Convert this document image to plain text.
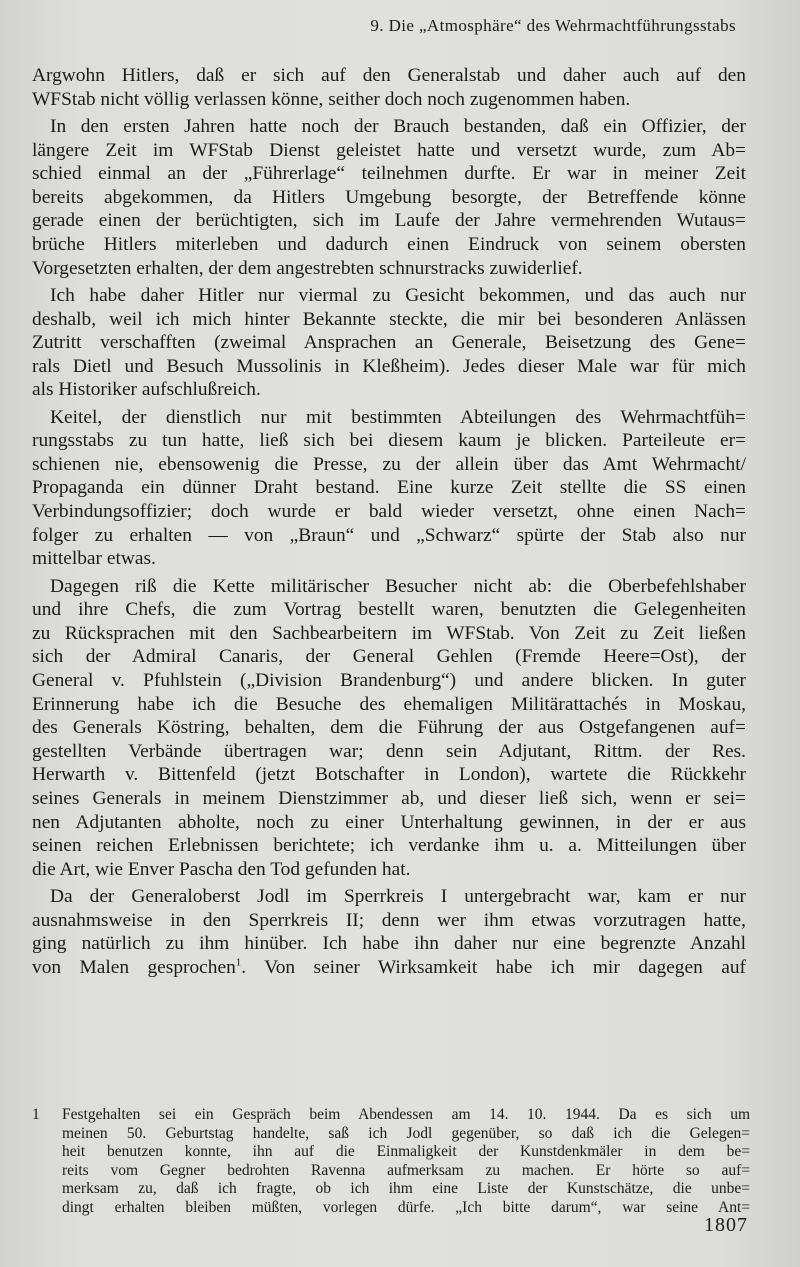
9. Die „Atmosphäre“ des Wehrmachtführungsstabs
Argwohn Hitlers, daß er sich auf den Generalstab und daher auch auf den
WFStab nicht völlig verlassen könne, seither doch noch zugenommen haben.
In den ersten Jahren hatte noch der Brauch bestanden, daß ein Offizier, der
längere Zeit im WFStab Dienst geleistet hatte und versetzt wurde, zum Ab=
schied einmal an der „Führerlage“ teilnehmen durfte. Er war in meiner Zeit
bereits abgekommen, da Hitlers Umgebung besorgte, der Betreffende könne
gerade einen der berüchtigten, sich im Laufe der Jahre vermehrenden Wutaus=
brüche Hitlers miterleben und dadurch einen Eindruck von seinem obersten
Vorgesetzten erhalten, der dem angestrebten schnurstracks zuwiderlief.
Ich habe daher Hitler nur viermal zu Gesicht bekommen, und das auch nur
deshalb, weil ich mich hinter Bekannte steckte, die mir bei besonderen Anlässen
Zutritt verschafften (zweimal Ansprachen an Generale, Beisetzung des Gene=
rals Dietl und Besuch Mussolinis in Kleßheim). Jedes dieser Male war für mich
als Historiker aufschlußreich.
Keitel, der dienstlich nur mit bestimmten Abteilungen des Wehrmachtfüh=
rungsstabs zu tun hatte, ließ sich bei diesem kaum je blicken. Parteileute er=
schienen nie, ebensowenig die Presse, zu der allein über das Amt Wehrmacht/
Propaganda ein dünner Draht bestand. Eine kurze Zeit stellte die SS einen
Verbindungsoffizier; doch wurde er bald wieder versetzt, ohne einen Nach=
folger zu erhalten — von „Braun“ und „Schwarz“ spürte der Stab also nur
mittelbar etwas.
Dagegen riß die Kette militärischer Besucher nicht ab: die Oberbefehlshaber
und ihre Chefs, die zum Vortrag bestellt waren, benutzten die Gelegenheiten
zu Rücksprachen mit den Sachbearbeitern im WFStab. Von Zeit zu Zeit ließen
sich der Admiral Canaris, der General Gehlen (Fremde Heere=Ost), der
General v. Pfuhlstein („Division Brandenburg“) und andere blicken. In guter
Erinnerung habe ich die Besuche des ehemaligen Militärattachés in Moskau,
des Generals Köstring, behalten, dem die Führung der aus Ostgefangenen auf=
gestellten Verbände übertragen war; denn sein Adjutant, Rittm. der Res.
Herwarth v. Bittenfeld (jetzt Botschafter in London), wartete die Rückkehr
seines Generals in meinem Dienstzimmer ab, und dieser ließ sich, wenn er sei=
nen Adjutanten abholte, noch zu einer Unterhaltung gewinnen, in der er aus
seinen reichen Erlebnissen berichtete; ich verdanke ihm u. a. Mitteilungen über
die Art, wie Enver Pascha den Tod gefunden hat.
Da der Generaloberst Jodl im Sperrkreis I untergebracht war, kam er nur
ausnahmsweise in den Sperrkreis II; denn wer ihm etwas vorzutragen hatte,
ging natürlich zu ihm hinüber. Ich habe ihn daher nur eine begrenzte Anzahl
von Malen gesprochen$^1$. Von seiner Wirksamkeit habe ich mir dagegen auf
1 Festgehalten sei ein Gespräch beim Abendessen am 14. 10. 1944. Da es sich um
meinen 50. Geburtstag handelte, saß ich Jodl gegenüber, so daß ich die Gelegen=
heit benutzen konnte, ihn auf die Einmaligkeit der Kunstdenkmäler in dem be=
reits vom Gegner bedrohten Ravenna aufmerksam zu machen. Er hörte so auf=
merksam zu, daß ich fragte, ob ich ihm eine Liste der Kunstschätze, die unbe=
dingt erhalten bleiben müßten, vorlegen dürfe. „Ich bitte darum“, war seine Ant=
1807
